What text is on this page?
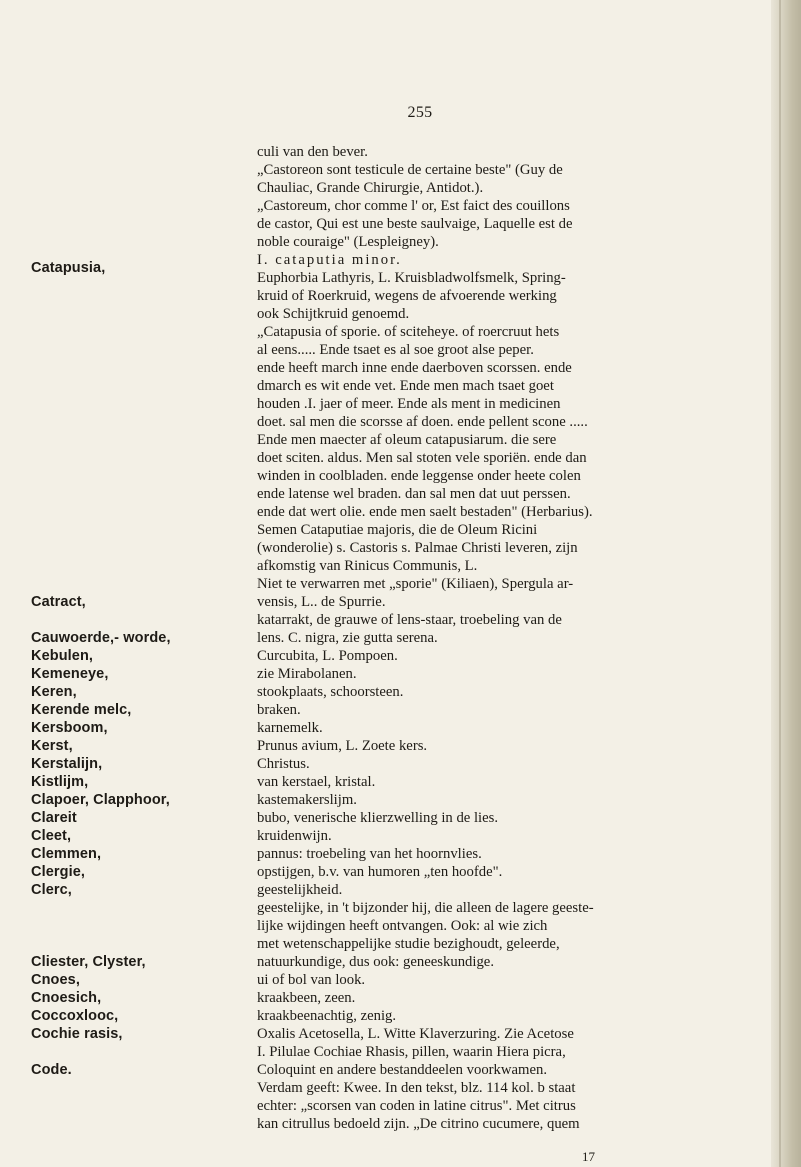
255
Catapusia,
Catract,
Cauwoerde,- worde,
Kebulen,
Kemeneye,
Keren,
Kerende melc,
Kersboom,
Kerst,
Kerstalijn,
Kistlijm,
Clapoer, Clapphoor,
Clareit
Cleet,
Clemmen,
Clergie,
Clerc,
Cliester, Clyster,
Cnoes,
Cnoesich,
Coccoxlooc,
Cochie rasis,
Code.
culi van den bever.
„Castoreon sont testicule de certaine beste" (Guy de
Chauliac, Grande Chirurgie, Antidot.).
„Castoreum, chor comme l' or, Est faict des couillons
de castor, Qui est une beste saulvaige, Laquelle est de
noble couraige" (Lespleigney).
I. cataputia minor.
Euphorbia Lathyris, L. Kruisbladwolfsmelk, Spring-
kruid of Roerkruid, wegens de afvoerende werking
ook Schijtkruid genoemd.
„Catapusia of sporie. of sciteheye. of roercruut hets
al eens..... Ende tsaet es al soe groot alse peper.
ende heeft march inne ende daerboven scorssen. ende
dmarch es wit ende vet. Ende men mach tsaet goet
houden .I. jaer of meer. Ende als ment in medicinen
doet. sal men die scorsse af doen. ende pellent scone .....
Ende men maecter af oleum catapusiarum. die sere
doet sciten. aldus. Men sal stoten vele sporiën. ende dan
winden in coolbladen. ende leggense onder heete colen
ende latense wel braden. dan sal men dat uut perssen.
ende dat wert olie. ende men saelt bestaden" (Herbarius).
Semen Cataputiae majoris, die de Oleum Ricini
(wonderolie) s. Castoris s. Palmae Christi leveren, zijn
afkomstig van Rinicus Communis, L.
Niet te verwarren met „sporie" (Kiliaen), Spergula ar-
vensis, L.. de Spurrie.
katarrakt, de grauwe of lens-staar, troebeling van de
lens. C. nigra, zie gutta serena.
Curcubita, L. Pompoen.
zie Mirabolanen.
stookplaats, schoorsteen.
braken.
karnemelk.
Prunus avium, L. Zoete kers.
Christus.
van kerstael, kristal.
kastemakerslijm.
bubo, venerische klierzwelling in de lies.
kruidenwijn.
pannus: troebeling van het hoornvlies.
opstijgen, b.v. van humoren „ten hoofde".
geestelijkheid.
geestelijke, in 't bijzonder hij, die alleen de lagere geeste-
lijke wijdingen heeft ontvangen. Ook: al wie zich
met wetenschappelijke studie bezighoudt, geleerde,
natuurkundige, dus ook: geneeskundige.
ui of bol van look.
kraakbeen, zeen.
kraakbeenachtig, zenig.
Oxalis Acetosella, L. Witte Klaverzuring. Zie Acetose
I. Pilulae Cochiae Rhasis, pillen, waarin Hiera picra,
Coloquint en andere bestanddeelen voorkwamen.
Verdam geeft: Kwee. In den tekst, blz. 114 kol. b staat
echter: „scorsen van coden in latine citrus". Met citrus
kan citrullus bedoeld zijn. „De citrino cucumere, quem
17
